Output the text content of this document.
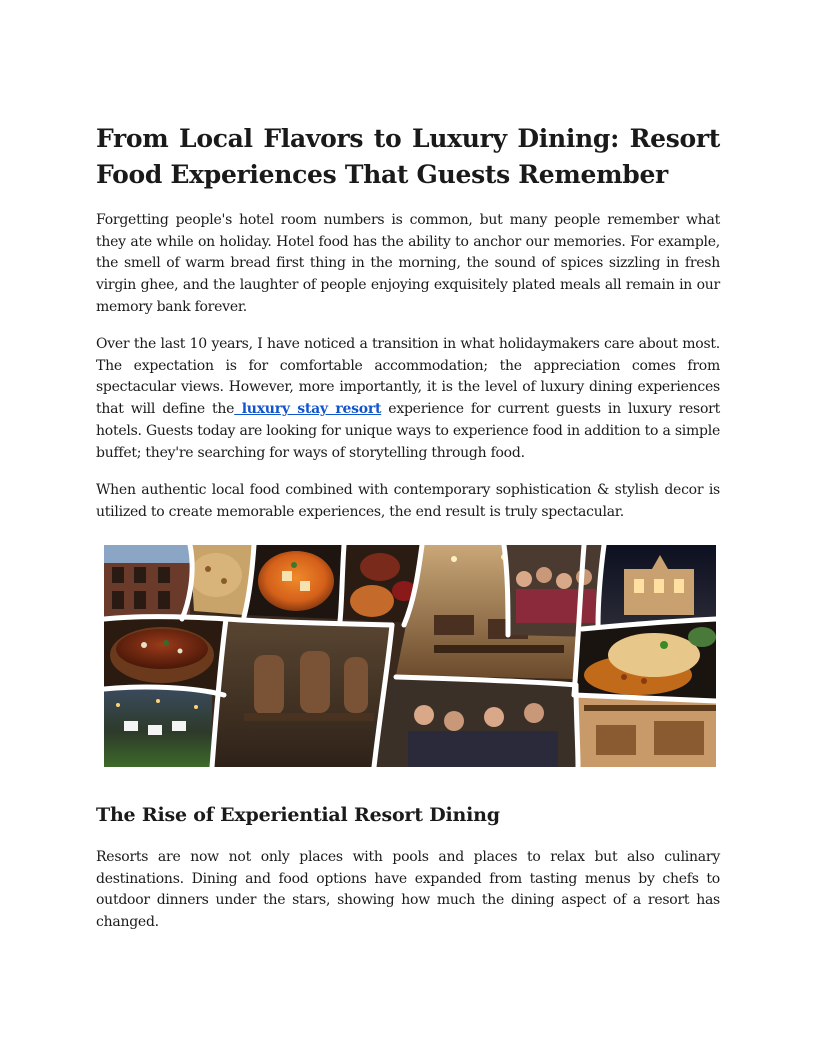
From Local Flavors to Luxury Dining: Resort Food Experiences That Guests Remember

Forgetting people's hotel room numbers is common, but many people remember what they ate while on holiday. Hotel food has the ability to anchor our memories. For example, the smell of warm bread first thing in the morning, the sound of spices sizzling in fresh virgin ghee, and the laughter of people enjoying exquisitely plated meals all remain in our memory bank forever.

Over the last 10 years, I have noticed a transition in what holidaymakers care about most. The expectation is for comfortable accommodation; the appreciation comes from spectacular views. However, more importantly, it is the level of luxury dining experiences that will define the luxury stay resort experience for current guests in luxury resort hotels. Guests today are looking for unique ways to experience food in addition to a simple buffet; they're searching for ways of storytelling through food.

When authentic local food combined with contemporary sophistication & stylish decor is utilized to create memorable experiences, the end result is truly spectacular.

The Rise of Experiential Resort Dining

Resorts are now not only places with pools and places to relax but also culinary destinations. Dining and food options have expanded from tasting menus by chefs to outdoor dinners under the stars, showing how much the dining aspect of a resort has changed.
